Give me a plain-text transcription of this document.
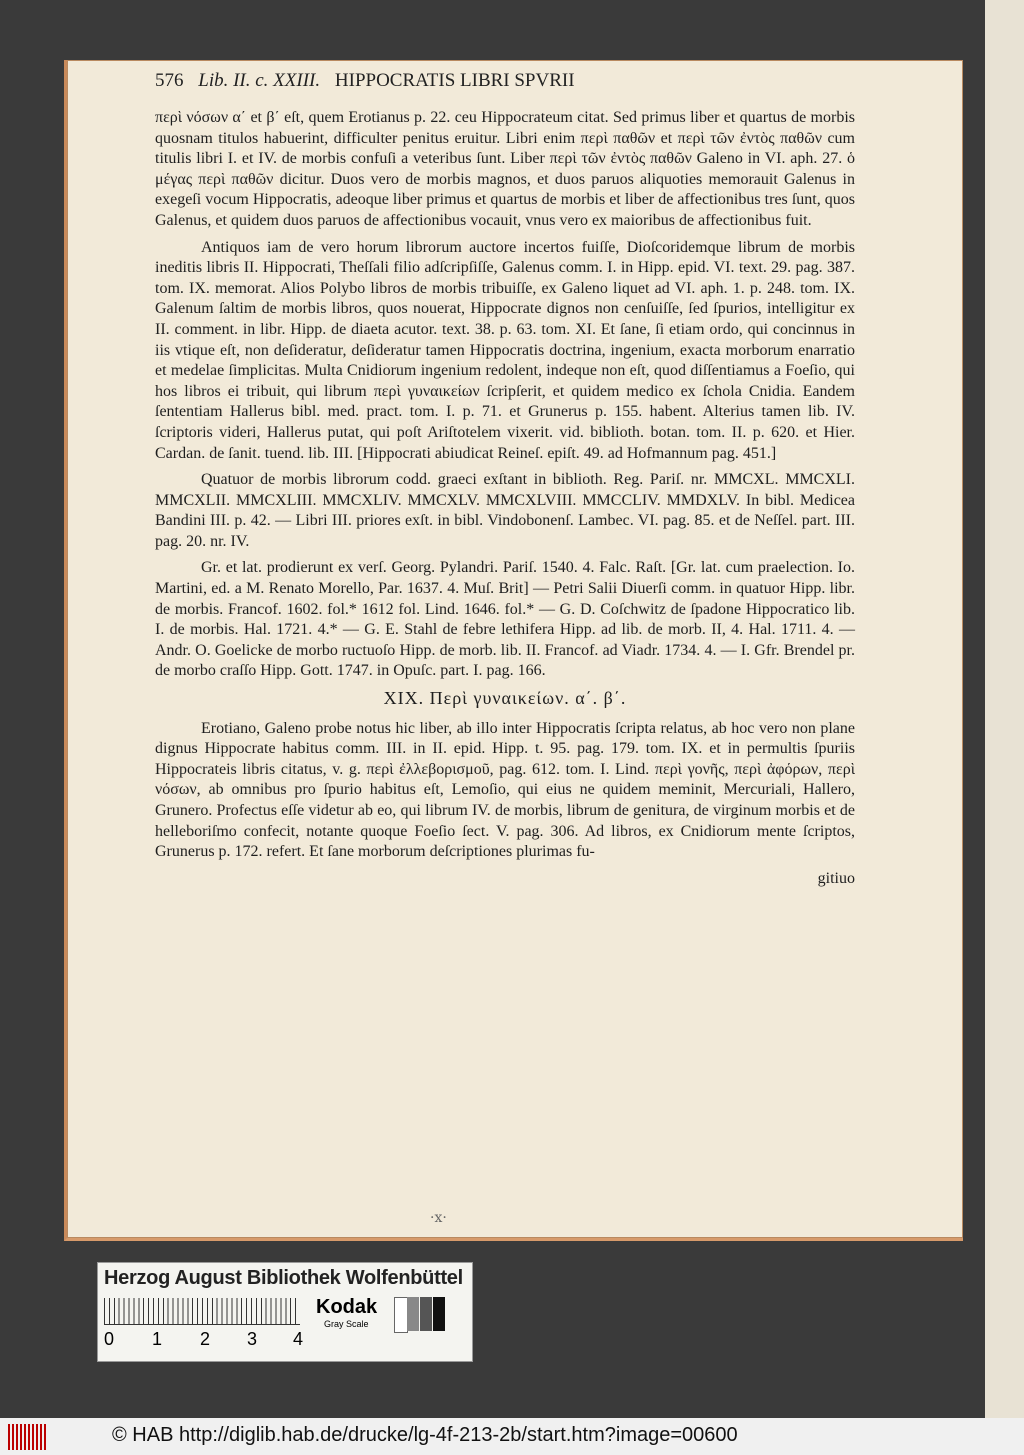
576 Lib. II. c. XXIII. HIPPOCRATIS LIBRI SPVRII

περὶ νόσων α΄ et β΄ eſt, quem Erotianus p. 22. ceu Hippocrateum citat. Sed primus liber et quartus de morbis quosnam titulos habuerint, difficulter penitus eruitur. Libri enim περὶ παθῶν et περὶ τῶν ἐντὸς παθῶν cum titulis libri I. et IV. de morbis confuſi a veteribus ſunt. Liber περὶ τῶν ἐντὸς παθῶν Galeno in VI. aph. 27. ὁ μέγας περὶ παθῶν dicitur. Duos vero de morbis magnos, et duos paruos aliquoties memorauit Galenus in exegeſi vocum Hippocratis, adeoque liber primus et quartus de morbis et liber de affectionibus tres ſunt, quos Galenus, et quidem duos paruos de affectionibus vocauit, vnus vero ex maioribus de affectionibus fuit.

Antiquos iam de vero horum librorum auctore incertos fuiſſe, Dioſcoridemque librum de morbis ineditis libris II. Hippocrati, Theſſali filio adſcripſiſſe, Galenus comm. I. in Hipp. epid. VI. text. 29. pag. 387. tom. IX. memorat. Alios Polybo libros de morbis tribuiſſe, ex Galeno liquet ad VI. aph. 1. p. 248. tom. IX. Galenum ſaltim de morbis libros, quos nouerat, Hippocrate dignos non cenſuiſſe, ſed ſpurios, intelligitur ex II. comment. in libr. Hipp. de diaeta acutor. text. 38. p. 63. tom. XI. Et ſane, ſi etiam ordo, qui concinnus in iis vtique eſt, non deſideratur, deſideratur tamen Hippocratis doctrina, ingenium, exacta morborum enarratio et medelae ſimplicitas. Multa Cnidiorum ingenium redolent, indeque non eſt, quod diſſentiamus a Foeſio, qui hos libros ei tribuit, qui librum περὶ γυναικείων ſcripſerit, et quidem medico ex ſchola Cnidia. Eandem ſententiam Hallerus bibl. med. pract. tom. I. p. 71. et Grunerus p. 155. habent. Alterius tamen lib. IV. ſcriptoris videri, Hallerus putat, qui poſt Ariſtotelem vixerit. vid. biblioth. botan. tom. II. p. 620. et Hier. Cardan. de ſanit. tuend. lib. III. [Hippocrati abiudicat Reineſ. epiſt. 49. ad Hofmannum pag. 451.]

Quatuor de morbis librorum codd. graeci exſtant in biblioth. Reg. Pariſ. nr. MMCXL. MMCXLI. MMCXLII. MMCXLIII. MMCXLIV. MMCXLV. MMCXLVIII. MMCCLIV. MMDXLV. In bibl. Medicea Bandini III. p. 42. — Libri III. priores exſt. in bibl. Vindobonenſ. Lambec. VI. pag. 85. et de Neſſel. part. III. pag. 20. nr. IV.

Gr. et lat. prodierunt ex verſ. Georg. Pylandri. Pariſ. 1540. 4. Falc. Raſt. [Gr. lat. cum praelection. Io. Martini, ed. a M. Renato Morello, Par. 1637. 4. Muſ. Brit] — Petri Salii Diuerſi comm. in quatuor Hipp. libr. de morbis. Francof. 1602. fol.* 1612 fol. Lind. 1646. fol.* — G. D. Coſchwitz de ſpadone Hippocratico lib. I. de morbis. Hal. 1721. 4.* — G. E. Stahl de febre lethifera Hipp. ad lib. de morb. II, 4. Hal. 1711. 4. — Andr. O. Goelicke de morbo ructuoſo Hipp. de morb. lib. II. Francof. ad Viadr. 1734. 4. — I. Gfr. Brendel pr. de morbo craſſo Hipp. Gott. 1747. in Opuſc. part. I. pag. 166.

XIX. Περὶ γυναικείων. α΄. β΄.

Erotiano, Galeno probe notus hic liber, ab illo inter Hippocratis ſcripta relatus, ab hoc vero non plane dignus Hippocrate habitus comm. III. in II. epid. Hipp. t. 95. pag. 179. tom. IX. et in permultis ſpuriis Hippocrateis libris citatus, v. g. περὶ ἐλλεβορισμοῦ, pag. 612. tom. I. Lind. περὶ γονῆς, περὶ ἀφόρων, περὶ νόσων, ab omnibus pro ſpurio habitus eſt, Lemoſio, qui eius ne quidem meminit, Mercuriali, Hallero, Grunero. Profectus eſſe videtur ab eo, qui librum IV. de morbis, librum de genitura, de virginum morbis et de helleboriſmo confecit, notante quoque Foeſio ſect. V. pag. 306. Ad libros, ex Cnidiorum mente ſcriptos, Grunerus p. 172. refert. Et ſane morborum deſcriptiones plurimas fu-

gitiuo
·x·
Herzog August Bibliothek Wolfenbüttel
0 1 2 3 4
Kodak
Gray Scale
© HAB http://diglib.hab.de/drucke/lg-4f-213-2b/start.htm?image=00600
